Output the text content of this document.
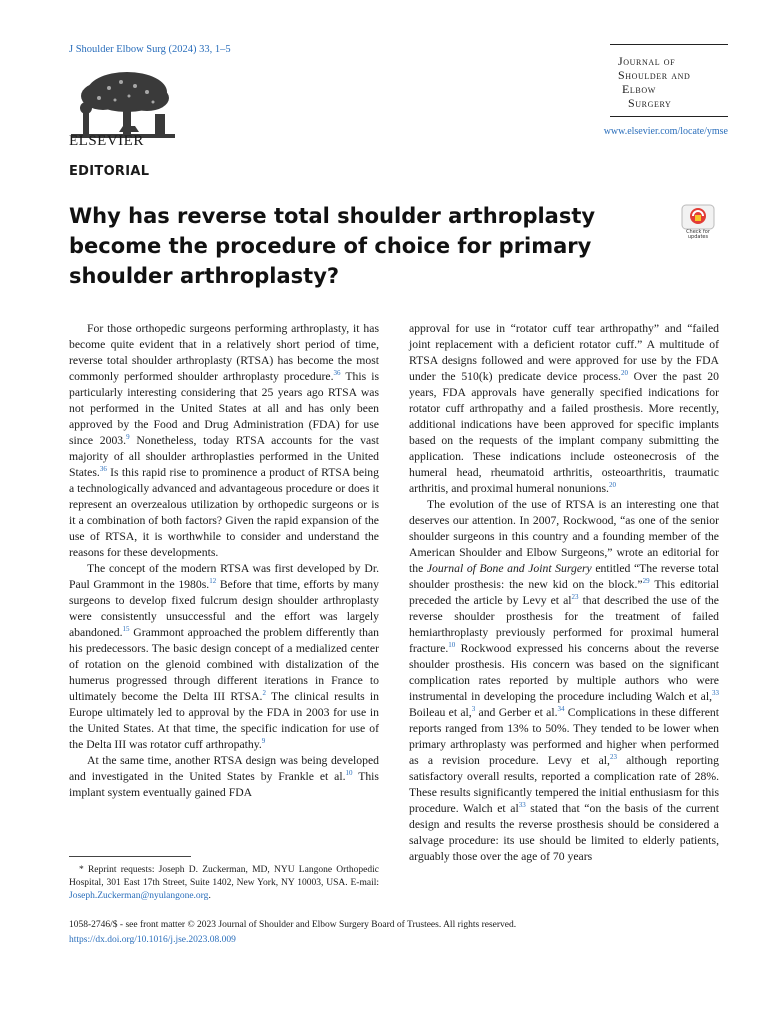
J Shoulder Elbow Surg (2024) 33, 1–5
ELSEVIER
Journal of
Shoulder and
Elbow
Surgery
www.elsevier.com/locate/ymse
EDITORIAL
Why has reverse total shoulder arthroplasty become the procedure of choice for primary shoulder arthroplasty?
Check for
updates

For those orthopedic surgeons performing arthroplasty, it has become quite evident that in a relatively short period of time, reverse total shoulder arthroplasty (RTSA) has become the most commonly performed shoulder arthroplasty procedure.$^{36}$ This is particularly interesting considering that 25 years ago RTSA was not performed in the United States at all and has only been approved by the Food and Drug Administration (FDA) for use since 2003.$^9$ Nonetheless, today RTSA accounts for the vast majority of all shoulder arthroplasties performed in the United States.$^{36}$ Is this rapid rise to prominence a product of RTSA being a technologically advanced and advantageous procedure or does it represent an overzealous utilization by orthopedic surgeons or is it a combination of both factors? Given the rapid expansion of the use of RTSA, it is worthwhile to consider and understand the reasons for these developments.

The concept of the modern RTSA was first developed by Dr. Paul Grammont in the 1980s.$^{12}$ Before that time, efforts by many surgeons to develop fixed fulcrum design shoulder arthroplasty were consistently unsuccessful and the effort was largely abandoned.$^{15}$ Grammont approached the problem differently than his predecessors. The basic design concept of a medialized center of rotation on the glenoid combined with distalization of the humerus progressed through different iterations in France to ultimately become the Delta III RTSA.$^2$ The clinical results in Europe ultimately led to approval by the FDA in 2003 for use in the United States. At that time, the specific indication for use of the Delta III was rotator cuff arthropathy.$^9$

At the same time, another RTSA design was being developed and investigated in the United States by Frankle et al.$^{10}$ This implant system eventually gained FDA

* Reprint requests: Joseph D. Zuckerman, MD, NYU Langone Orthopedic Hospital, 301 East 17th Street, Suite 1402, New York, NY 10003, USA. E-mail: Joseph.Zuckerman@nyulangone.org.

approval for use in “rotator cuff tear arthropathy” and “failed joint replacement with a deficient rotator cuff.” A multitude of RTSA designs followed and were approved for use by the FDA under the 510(k) predicate device process.$^{20}$ Over the past 20 years, FDA approvals have generally specified indications for rotator cuff arthropathy and a failed prosthesis. More recently, additional indications have been approved for specific implants based on the requests of the implant company submitting the application. These indications include osteonecrosis of the humeral head, rheumatoid arthritis, osteoarthritis, traumatic arthritis, and proximal humeral nonunions.$^{20}$

The evolution of the use of RTSA is an interesting one that deserves our attention. In 2007, Rockwood, “as one of the senior shoulder surgeons in this country and a founding member of the American Shoulder and Elbow Surgeons,” wrote an editorial for the Journal of Bone and Joint Surgery entitled “The reverse total shoulder prosthesis: the new kid on the block.”$^{29}$ This editorial preceded the article by Levy et $al^{23}$ that described the use of the reverse shoulder prosthesis for the treatment of failed hemiarthroplasty previously performed for proximal humeral fracture.$^{10}$ Rockwood expressed his concerns about the reverse shoulder prosthesis. His concern was based on the significant complication rates reported by multiple authors who were instrumental in developing the procedure including Walch et al,$^{33}$ Boileau et al,$^3$ and Gerber et al.$^{34}$ Complications in these different reports ranged from 13% to 50%. They tended to be lower when primary arthroplasty was performed and higher when performed as a revision procedure. Levy et al,$^{23}$ although reporting satisfactory overall results, reported a complication rate of 28%. These results significantly tempered the initial enthusiasm for this procedure. Walch et $al^{33}$ stated that “on the basis of the current design and results the reverse prosthesis should be considered a salvage procedure: its use should be limited to elderly patients, arguably those over the age of 70 years

1058-2746/$ - see front matter © 2023 Journal of Shoulder and Elbow Surgery Board of Trustees. All rights reserved.
https://dx.doi.org/10.1016/j.jse.2023.08.009
